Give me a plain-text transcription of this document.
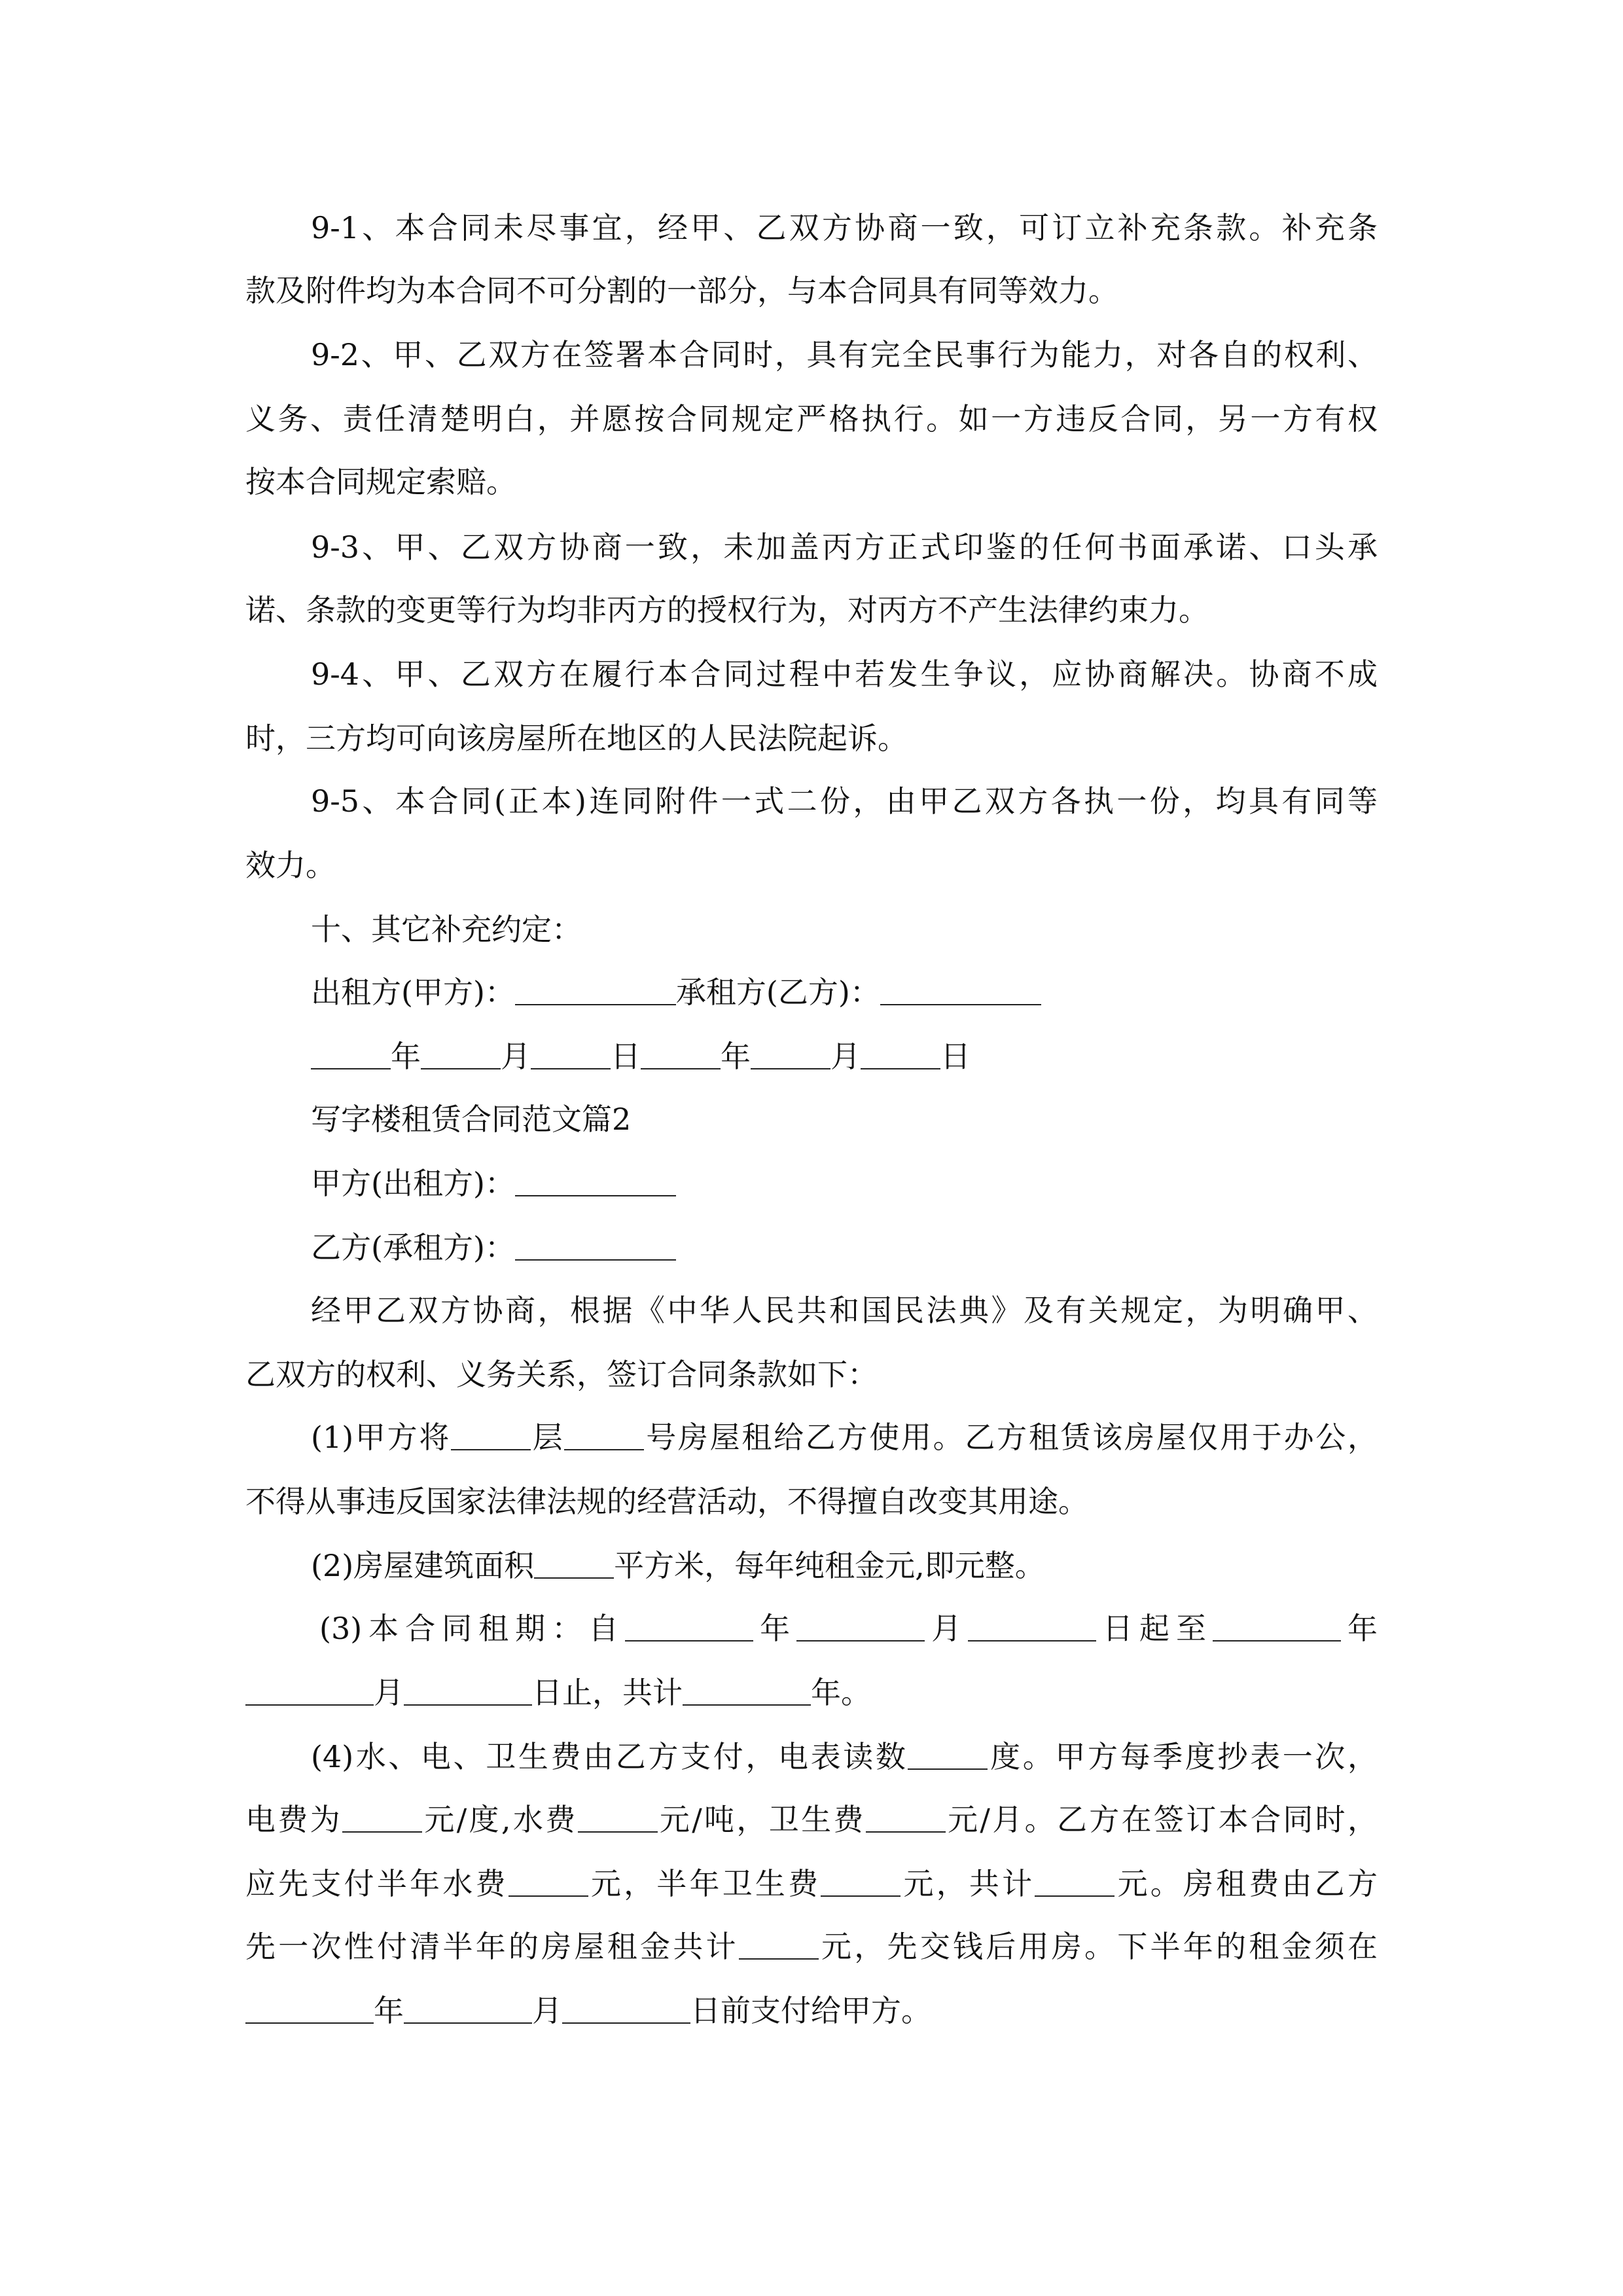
9-1、本合同未尽事宜，经甲、乙双方协商一致，可订立补充条款。补充条
款及附件均为本合同不可分割的一部分，与本合同具有同等效力。
9-2、甲、乙双方在签署本合同时，具有完全民事行为能力，对各自的权利、
义务、责任清楚明白，并愿按合同规定严格执行。如一方违反合同，另一方有权
按本合同规定索赔。
9-3、甲、乙双方协商一致，未加盖丙方正式印鉴的任何书面承诺、口头承
诺、条款的变更等行为均非丙方的授权行为，对丙方不产生法律约束力。
9-4、甲、乙双方在履行本合同过程中若发生争议，应协商解决。协商不成
时，三方均可向该房屋所在地区的人民法院起诉。
9-5、本合同(正本)连同附件一式二份，由甲乙双方各执一份，均具有同等
效力。
十、其它补充约定：
出租方(甲方)：	承租方(乙方)：
年	月	日	年	月	日
写字楼租赁合同范文篇2
甲方(出租方)：
乙方(承租方)：
经甲乙双方协商，根据《中华人民共和国民法典》及有关规定，为明确甲、
乙双方的权利、义务关系，签订合同条款如下：
(1)甲方将	层	号房屋租给乙方使用。乙方租赁该房屋仅用于办公，
不得从事违反国家法律法规的经营活动，不得擅自改变其用途。
(2)房屋建筑面积	平方米，每年纯租金元,即元整。
(3)本合同租期：自	年	月	日起至	年
月	日止，共计	年。
(4)水、电、卫生费由乙方支付，电表读数	度。甲方每季度抄表一次，
电费为	元/度,水费	元/吨，卫生费	元/月。乙方在签订本合同时，
应先支付半年水费	元，半年卫生费	元，共计	元。房租费由乙方
先一次性付清半年的房屋租金共计	元，先交钱后用房。下半年的租金须在
年	月	日前支付给甲方。
